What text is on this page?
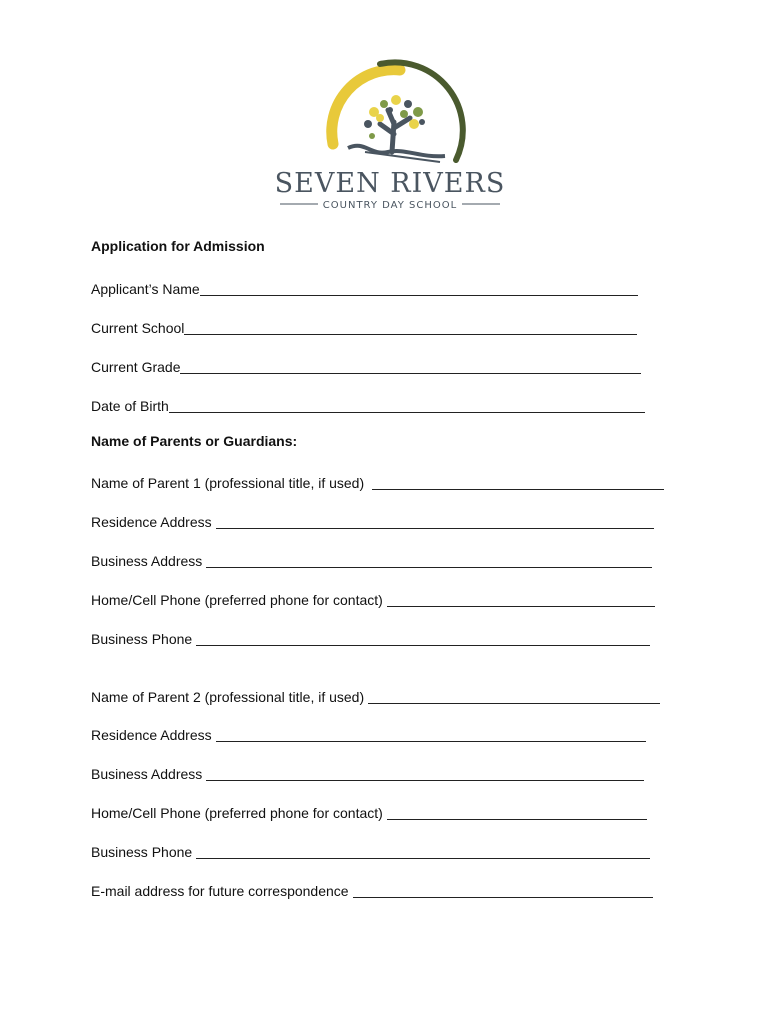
SEVEN RIVERS
COUNTRY DAY SCHOOL
Application for Admission
Applicant’s Name
Current School
Current Grade
Date of Birth
Name of Parents or Guardians:
Name of Parent 1 (professional title, if used)
Residence Address
Business Address
Home/Cell Phone (preferred phone for contact)
Business Phone
Name of Parent 2 (professional title, if used)
Residence Address
Business Address
Home/Cell Phone (preferred phone for contact)
Business Phone
E-mail address for future correspondence
